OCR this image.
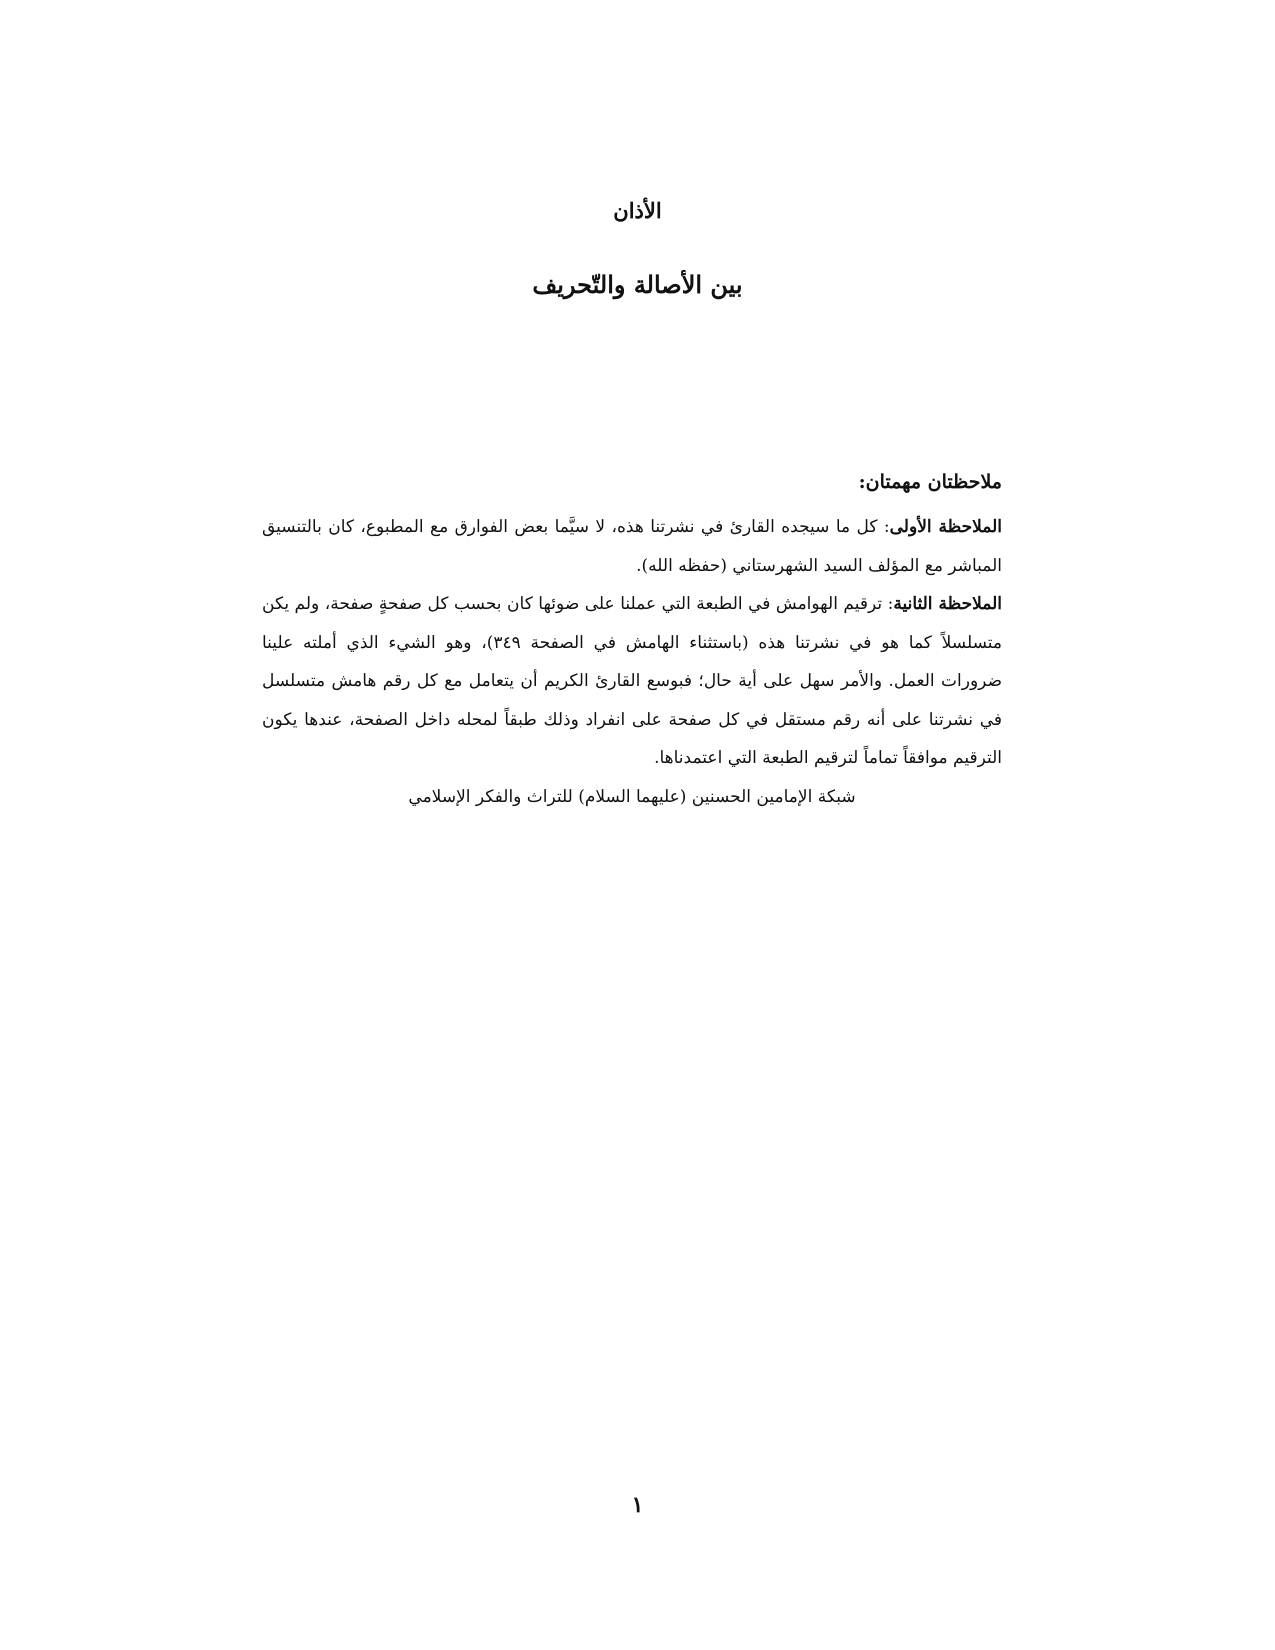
الأذان
بين الأصالة والتّحريف

ملاحظتان مهمتان:

الملاحظة الأولى: كل ما سيجده القارئ في نشرتنا هذه، لا سيَّما بعض الفوارق مع المطبوع، كان بالتنسيق المباشر مع المؤلف السيد الشهرستاني (حفظه الله).

الملاحظة الثانية: ترقيم الهوامش في الطبعة التي عملنا على ضوئها كان بحسب كل صفحةٍ صفحة، ولم يكن متسلسلاً كما هو في نشرتنا هذه (باستثناء الهامش في الصفحة ٣٤٩)، وهو الشيء الذي أملته علينا ضرورات العمل. والأمر سهل على أية حال؛ فبوسع القارئ الكريم أن يتعامل مع كل رقم هامش متسلسل في نشرتنا على أنه رقم مستقل في كل صفحة على انفراد وذلك طبقاً لمحله داخل الصفحة، عندها يكون الترقيم موافقاً تماماً لترقيم الطبعة التي اعتمدناها.

شبكة الإمامين الحسنين (عليهما السلام) للتراث والفكر الإسلامي

١
